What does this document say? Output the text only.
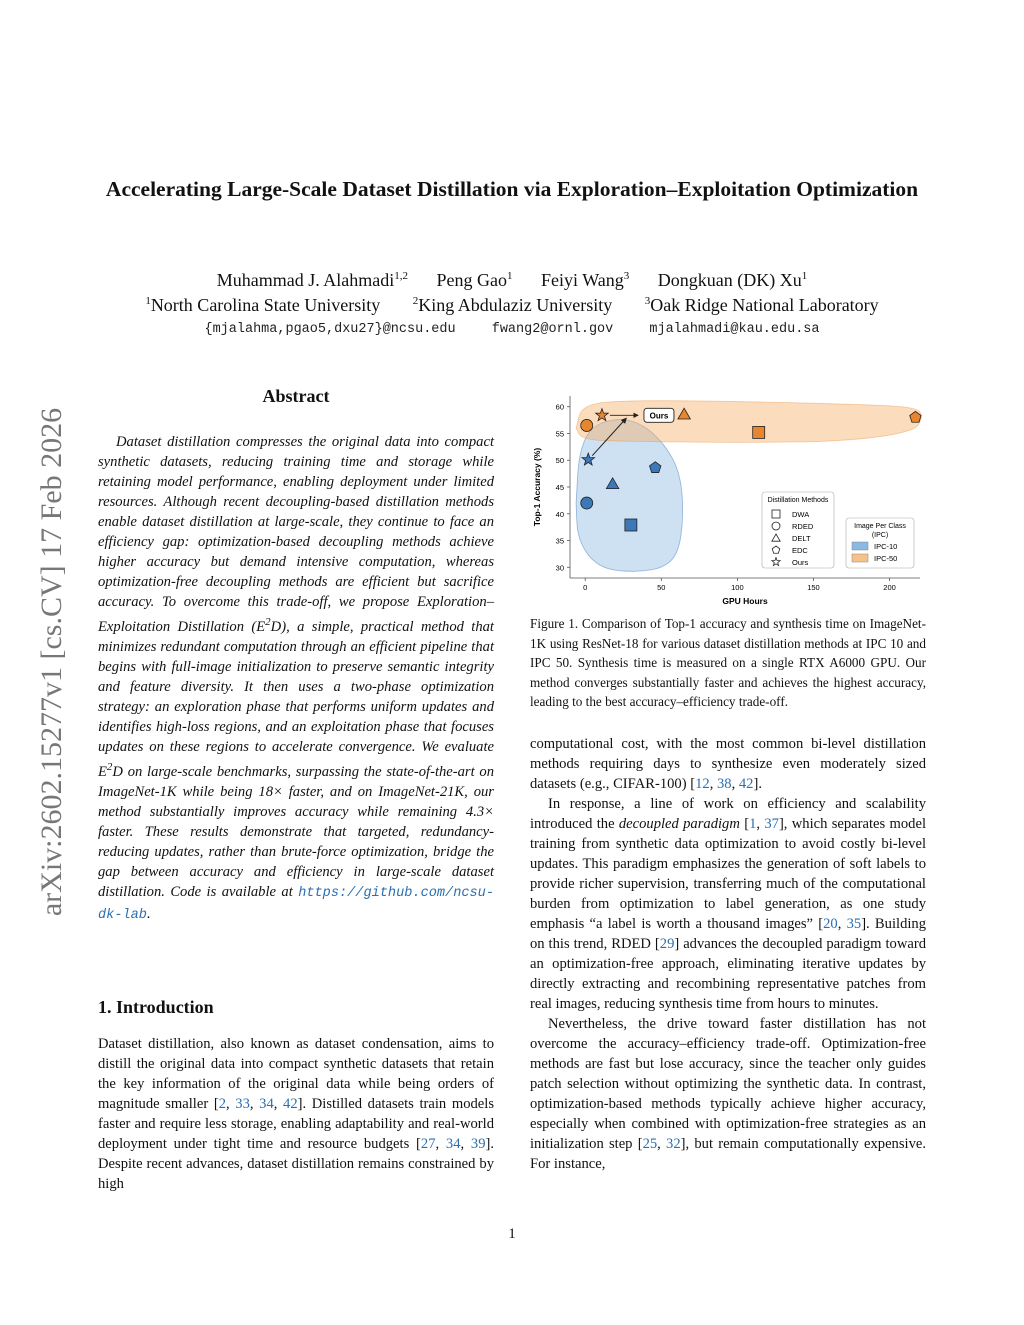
Accelerating Large-Scale Dataset Distillation via Exploration–Exploitation Optimization
Muhammad J. Alahmadi$^{1,2}$ Peng Gao$^1$ Feiyi Wang$^3$ Dongkuan (DK) Xu$^1$
$^1$North Carolina State University	$^2$King Abdulaziz University	$^3$Oak Ridge National Laboratory
{mjalahma,pgao5,dxu27}@ncsu.edu	fwang2@ornl.gov	mjalahmadi@kau.edu.sa
arXiv:2602.15277v1 [cs.CV] 17 Feb 2026
Abstract
Dataset distillation compresses the original data into compact synthetic datasets, reducing training time and storage while retaining model performance, enabling deployment under limited resources. Although recent decoupling-based distillation methods enable dataset distillation at large-scale, they continue to face an efficiency gap: optimization-based decoupling methods achieve higher accuracy but demand intensive computation, whereas optimization-free decoupling methods are efficient but sacrifice accuracy. To overcome this trade-off, we propose Exploration–Exploitation Distillation $(E^2D)$, a simple, practical method that minimizes redundant computation through an efficient pipeline that begins with full-image initialization to preserve semantic integrity and feature diversity. It then uses a two-phase optimization strategy: an exploration phase that performs uniform updates and identifies high-loss regions, and an exploitation phase that focuses updates on these regions to accelerate convergence. We evaluate $E^2D$ on large-scale benchmarks, surpassing the state-of-the-art on ImageNet-1K while being 18× faster, and on ImageNet-21K, our method substantially improves accuracy while remaining 4.3× faster. These results demonstrate that targeted, redundancy-reducing updates, rather than brute-force optimization, bridge the gap between accuracy and efficiency in large-scale dataset distillation. Code is available at https://github.com/ncsu-dk-lab.
1. Introduction
Dataset distillation, also known as dataset condensation, aims to distill the original data into compact synthetic datasets that retain the key information of the original data while being orders of magnitude smaller [2, 33, 34, 42]. Distilled datasets train models faster and require less storage, enabling adaptability and real-world deployment under tight time and resource budgets [27, 34, 39]. Despite recent advances, dataset distillation remains constrained by high
30
35
40
45
50
55
60
0	50	100	150	200
GPU Hours
Top-1 Accuracy (%)
Ours
Distillation Methods
DWA
RDED
DELT
EDC
Ours
Image Per Class
(IPC)
IPC-10
IPC-50
Figure 1. Comparison of Top-1 accuracy and synthesis time on ImageNet-1K using ResNet-18 for various dataset distillation methods at IPC 10 and IPC 50. Synthesis time is measured on a single RTX A6000 GPU. Our method converges substantially faster and achieves the highest accuracy, leading to the best accuracy–efficiency trade-off.

computational cost, with the most common bi-level distillation methods requiring days to synthesize even moderately sized datasets (e.g., CIFAR-100) [12, 38, 42].

In response, a line of work on efficiency and scalability introduced the decoupled paradigm [1, 37], which separates model training from synthetic data optimization to avoid costly bi-level updates. This paradigm emphasizes the generation of soft labels to provide richer supervision, transferring much of the computational burden from optimization to label generation, as one study emphasis “a label is worth a thousand images” [20, 35]. Building on this trend, RDED [29] advances the decoupled paradigm toward an optimization-free approach, eliminating iterative updates by directly extracting and recombining representative patches from real images, reducing synthesis time from hours to minutes.

Nevertheless, the drive toward faster distillation has not overcome the accuracy–efficiency trade-off. Optimization-free methods are fast but lose accuracy, since the teacher only guides patch selection without optimizing the synthetic data. In contrast, optimization-based methods typically achieve higher accuracy, especially when combined with optimization-free strategies as an initialization step [25, 32], but remain computationally expensive. For instance,

1
